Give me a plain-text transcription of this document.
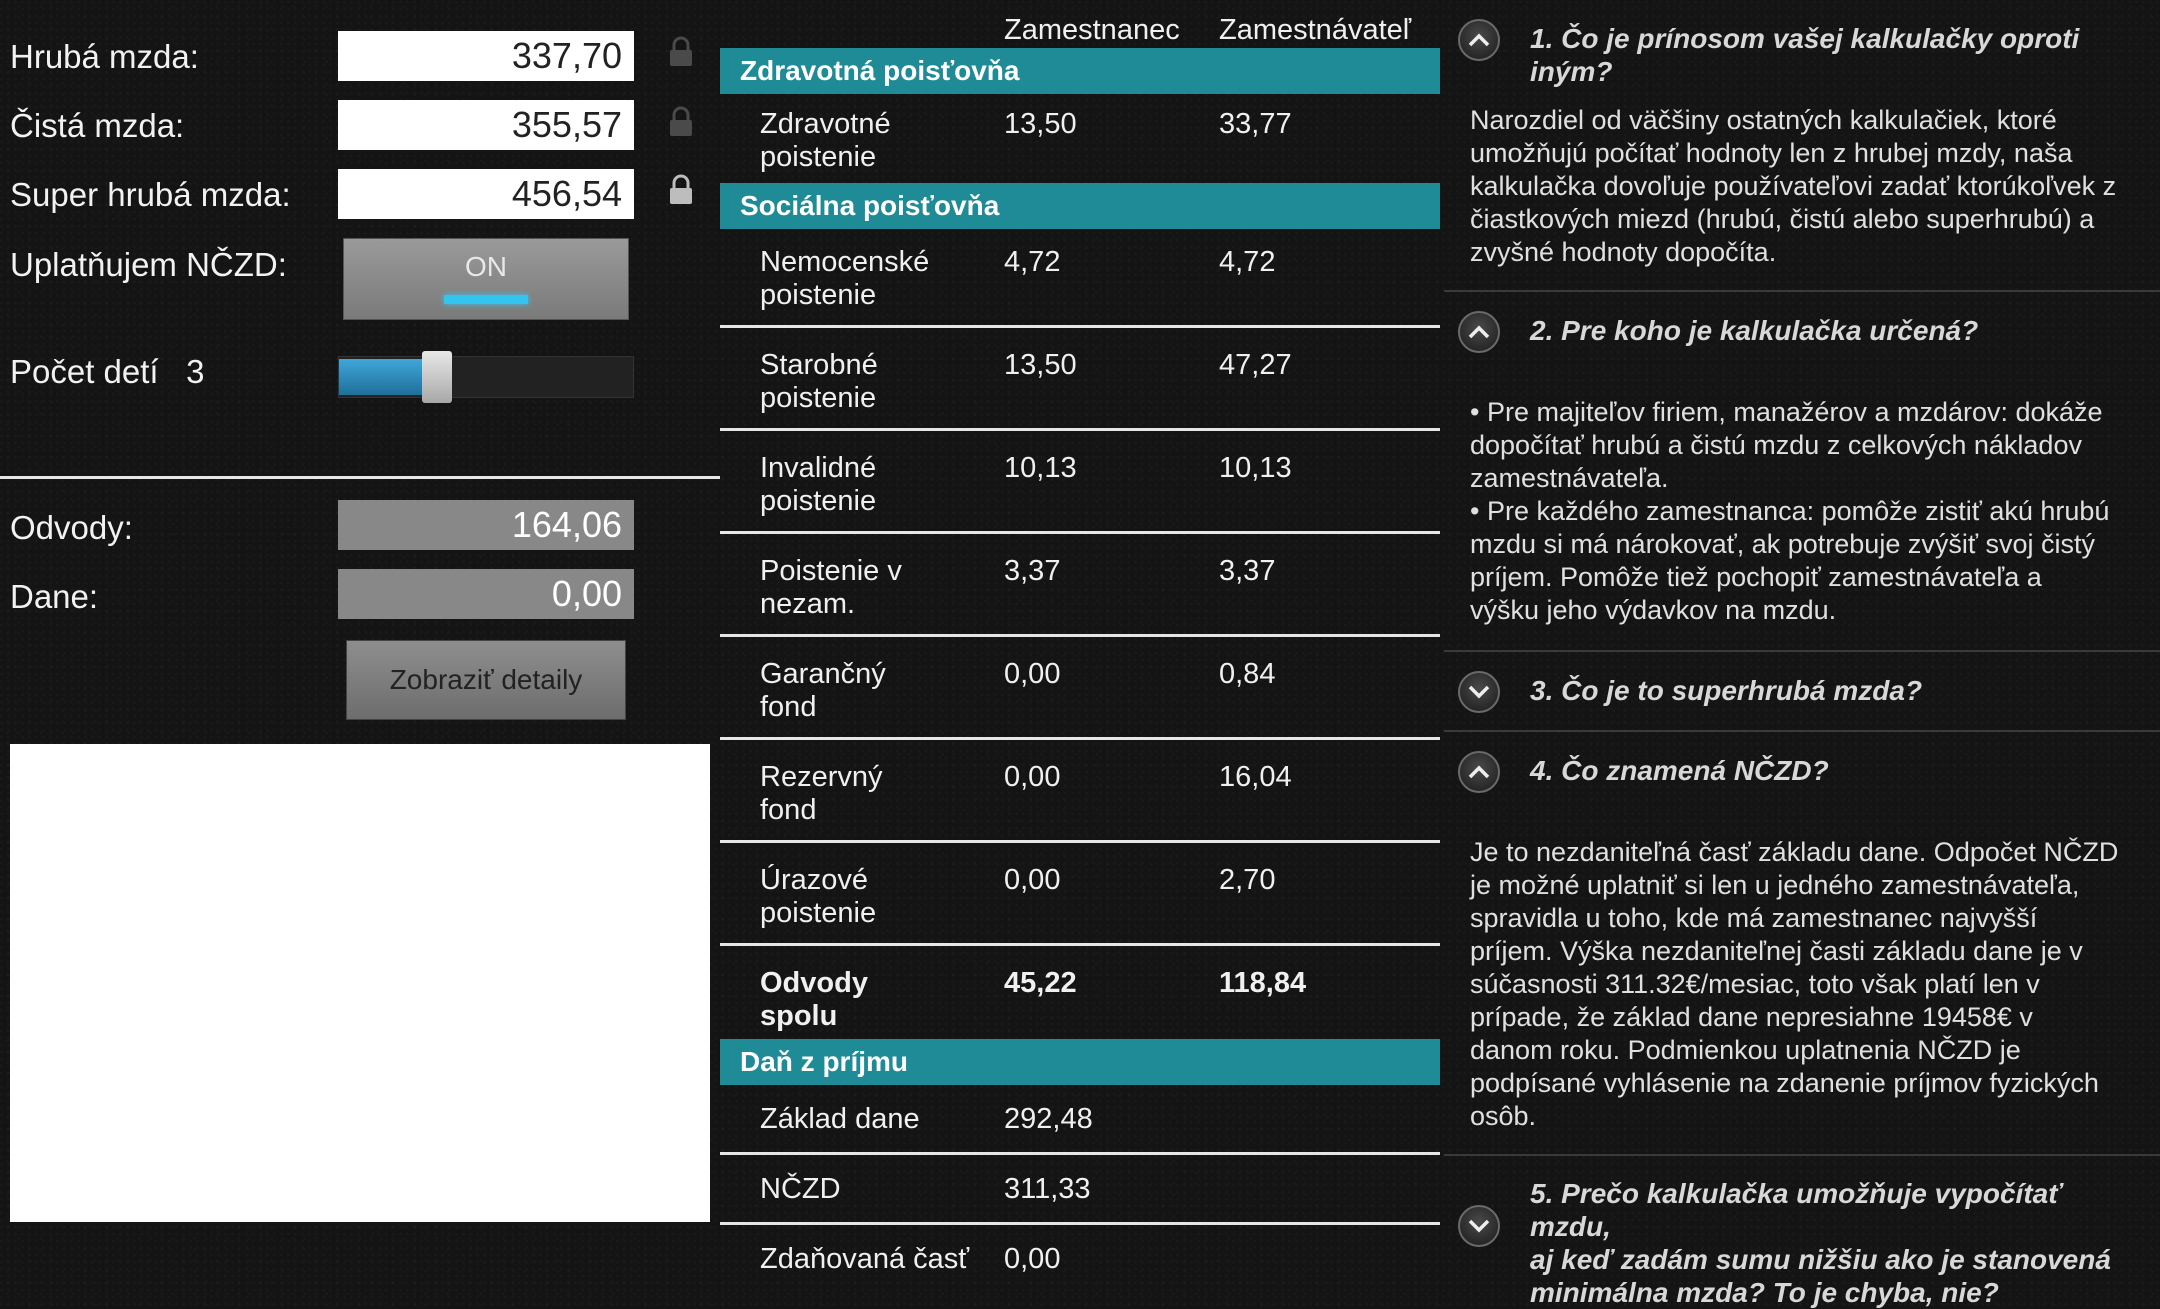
Hrubá mzda:	337,70
Čistá mzda:	355,57
Super hrubá mzda:	456,54
Uplatňujem NČZD:	ON
Počet detí 3
Odvody:	164,06
Dane:	0,00
Zobraziť detaily
Zamestnanec Zamestnávateľ
Zdravotná poisťovňa
Zdravotné
poistenie
13,50	33,77
Sociálna poisťovňa
Nemocenské
poistenie
4,72	4,72
Starobné
poistenie
13,50	47,27
Invalidné
poistenie
10,13	10,13
Poistenie v
nezam.
3,37	3,37
Garančný
fond
0,00	0,84
Rezervný
fond
0,00	16,04
Úrazové
poistenie
0,00	2,70
Odvody
spolu
45,22	118,84
Daň z príjmu
Základ dane	292,48
NČZD	311,33
Zdaňovaná časť 0,00
1. Čo je prínosom vašej kalkulačky oproti iným?
Narozdiel od väčšiny ostatných kalkulačiek, ktoré
umožňujú počítať hodnoty len z hrubej mzdy, naša
kalkulačka dovoľuje používateľovi zadať ktorúkoľvek z
čiastkových miezd (hrubú, čistú alebo superhrubú) a
zvyšné hodnoty dopočíta.
2. Pre koho je kalkulačka určená?
• Pre majiteľov firiem, manažérov a mzdárov: dokáže
dopočítať hrubú a čistú mzdu z celkových nákladov
zamestnávateľa.
• Pre každého zamestnanca: pomôže zistiť akú hrubú
mzdu si má nárokovať, ak potrebuje zvýšiť svoj čistý
príjem. Pomôže tiež pochopiť zamestnávateľa a
výšku jeho výdavkov na mzdu.
3. Čo je to superhrubá mzda?
4. Čo znamená NČZD?
Je to nezdaniteľná časť základu dane. Odpočet NČZD
je možné uplatniť si len u jedného zamestnávateľa,
spravidla u toho, kde má zamestnanec najvyšší
príjem. Výška nezdaniteľnej časti základu dane je v
súčasnosti 311.32€/mesiac, toto však platí len v
prípade, že základ dane nepresiahne 19458€ v
danom roku. Podmienkou uplatnenia NČZD je
podpísané vyhlásenie na zdanenie príjmov fyzických
osôb.
5. Prečo kalkulačka umožňuje vypočítať mzdu,
aj keď zadám sumu nižšiu ako je stanovená
minimálna mzda? To je chyba, nie?
